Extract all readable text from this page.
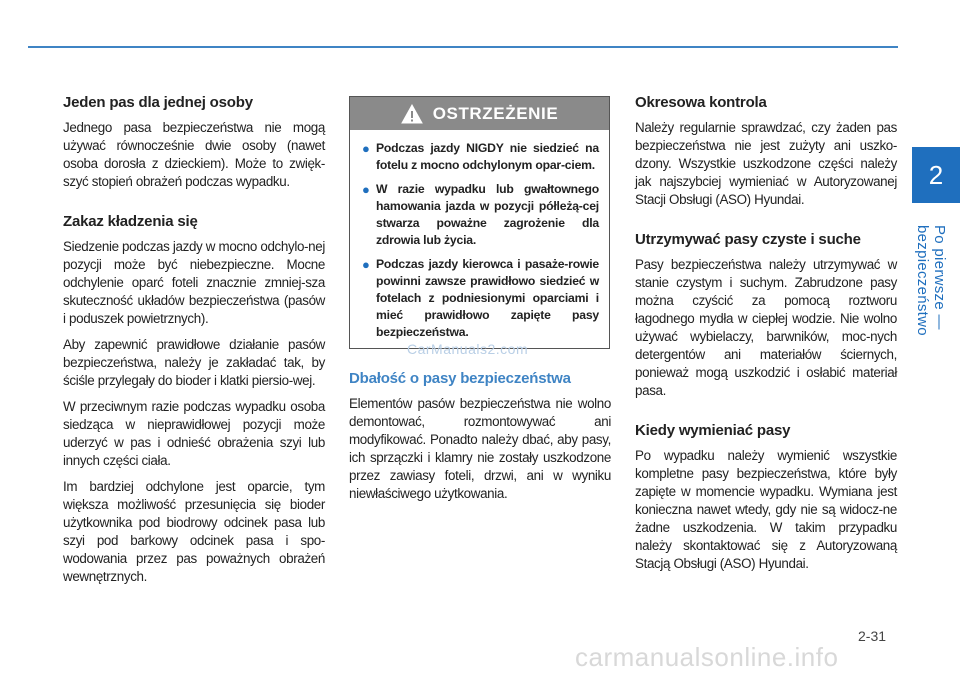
2
Po pierwsze — bezpieczeństwo
Jeden pas dla jednej osoby

Jednego pasa bezpieczeństwa nie mogą używać równocześnie dwie osoby (nawet osoba dorosła z dzieckiem). Może to zwięk-szyć stopień obrażeń podczas wypadku.

Zakaz kładzenia się

Siedzenie podczas jazdy w mocno odchylo-nej pozycji może być niebezpieczne. Mocne odchylenie oparć foteli znacznie zmniej-sza skuteczność układów bezpieczeństwa (pasów i poduszek powietrznych).

Aby zapewnić prawidłowe działanie pasów bezpieczeństwa, należy je zakładać tak, by ściśle przylegały do bioder i klatki piersio-wej.

W przeciwnym razie podczas wypadku osoba siedząca w nieprawidłowej pozycji może uderzyć w pas i odnieść obrażenia szyi lub innych części ciała.

Im bardziej odchylone jest oparcie, tym większa możliwość przesunięcia się bioder użytkownika pod biodrowy odcinek pasa lub szyi pod barkowy odcinek pasa i spo-wodowania przez pas poważnych obrażeń wewnętrznych.

OSTRZEŻENIE
● Podczas jazdy NIGDY nie siedzieć na fotelu z mocno odchylonym opar-ciem.
● W razie wypadku lub gwałtownego hamowania jazda w pozycji półleżą-cej stwarza poważne zagrożenie dla zdrowia lub życia.
● Podczas jazdy kierowca i pasaże-rowie powinni zawsze prawidłowo siedzieć w fotelach z podniesionymi oparciami i mieć prawidłowo zapięte pasy bezpieczeństwa.
CarManuals2.com
Dbałość o pasy bezpieczeństwa

Elementów pasów bezpieczeństwa nie wolno demontować, rozmontowywać ani modyfikować. Ponadto należy dbać, aby pasy, ich sprzączki i klamry nie zostały uszkodzone przez zawiasy foteli, drzwi, ani w wyniku niewłaściwego użytkowania.

Okresowa kontrola

Należy regularnie sprawdzać, czy żaden pas bezpieczeństwa nie jest zużyty ani uszko-dzony. Wszystkie uszkodzone części należy jak najszybciej wymieniać w Autoryzowanej Stacji Obsługi (ASO) Hyundai.

Utrzymywać pasy czyste i suche

Pasy bezpieczeństwa należy utrzymywać w stanie czystym i suchym. Zabrudzone pasy można czyścić za pomocą roztworu łagodnego mydła w ciepłej wodzie. Nie wolno używać wybielaczy, barwników, moc-nych detergentów ani materiałów ściernych, ponieważ mogą uszkodzić i osłabić materiał pasa.

Kiedy wymieniać pasy

Po wypadku należy wymienić wszystkie kompletne pasy bezpieczeństwa, które były zapięte w momencie wypadku. Wymiana jest konieczna nawet wtedy, gdy nie są widocz-ne żadne uszkodzenia. W takim przypadku należy skontaktować się z Autoryzowaną Stacją Obsługi (ASO) Hyundai.

2-31
carmanualsonline.info
